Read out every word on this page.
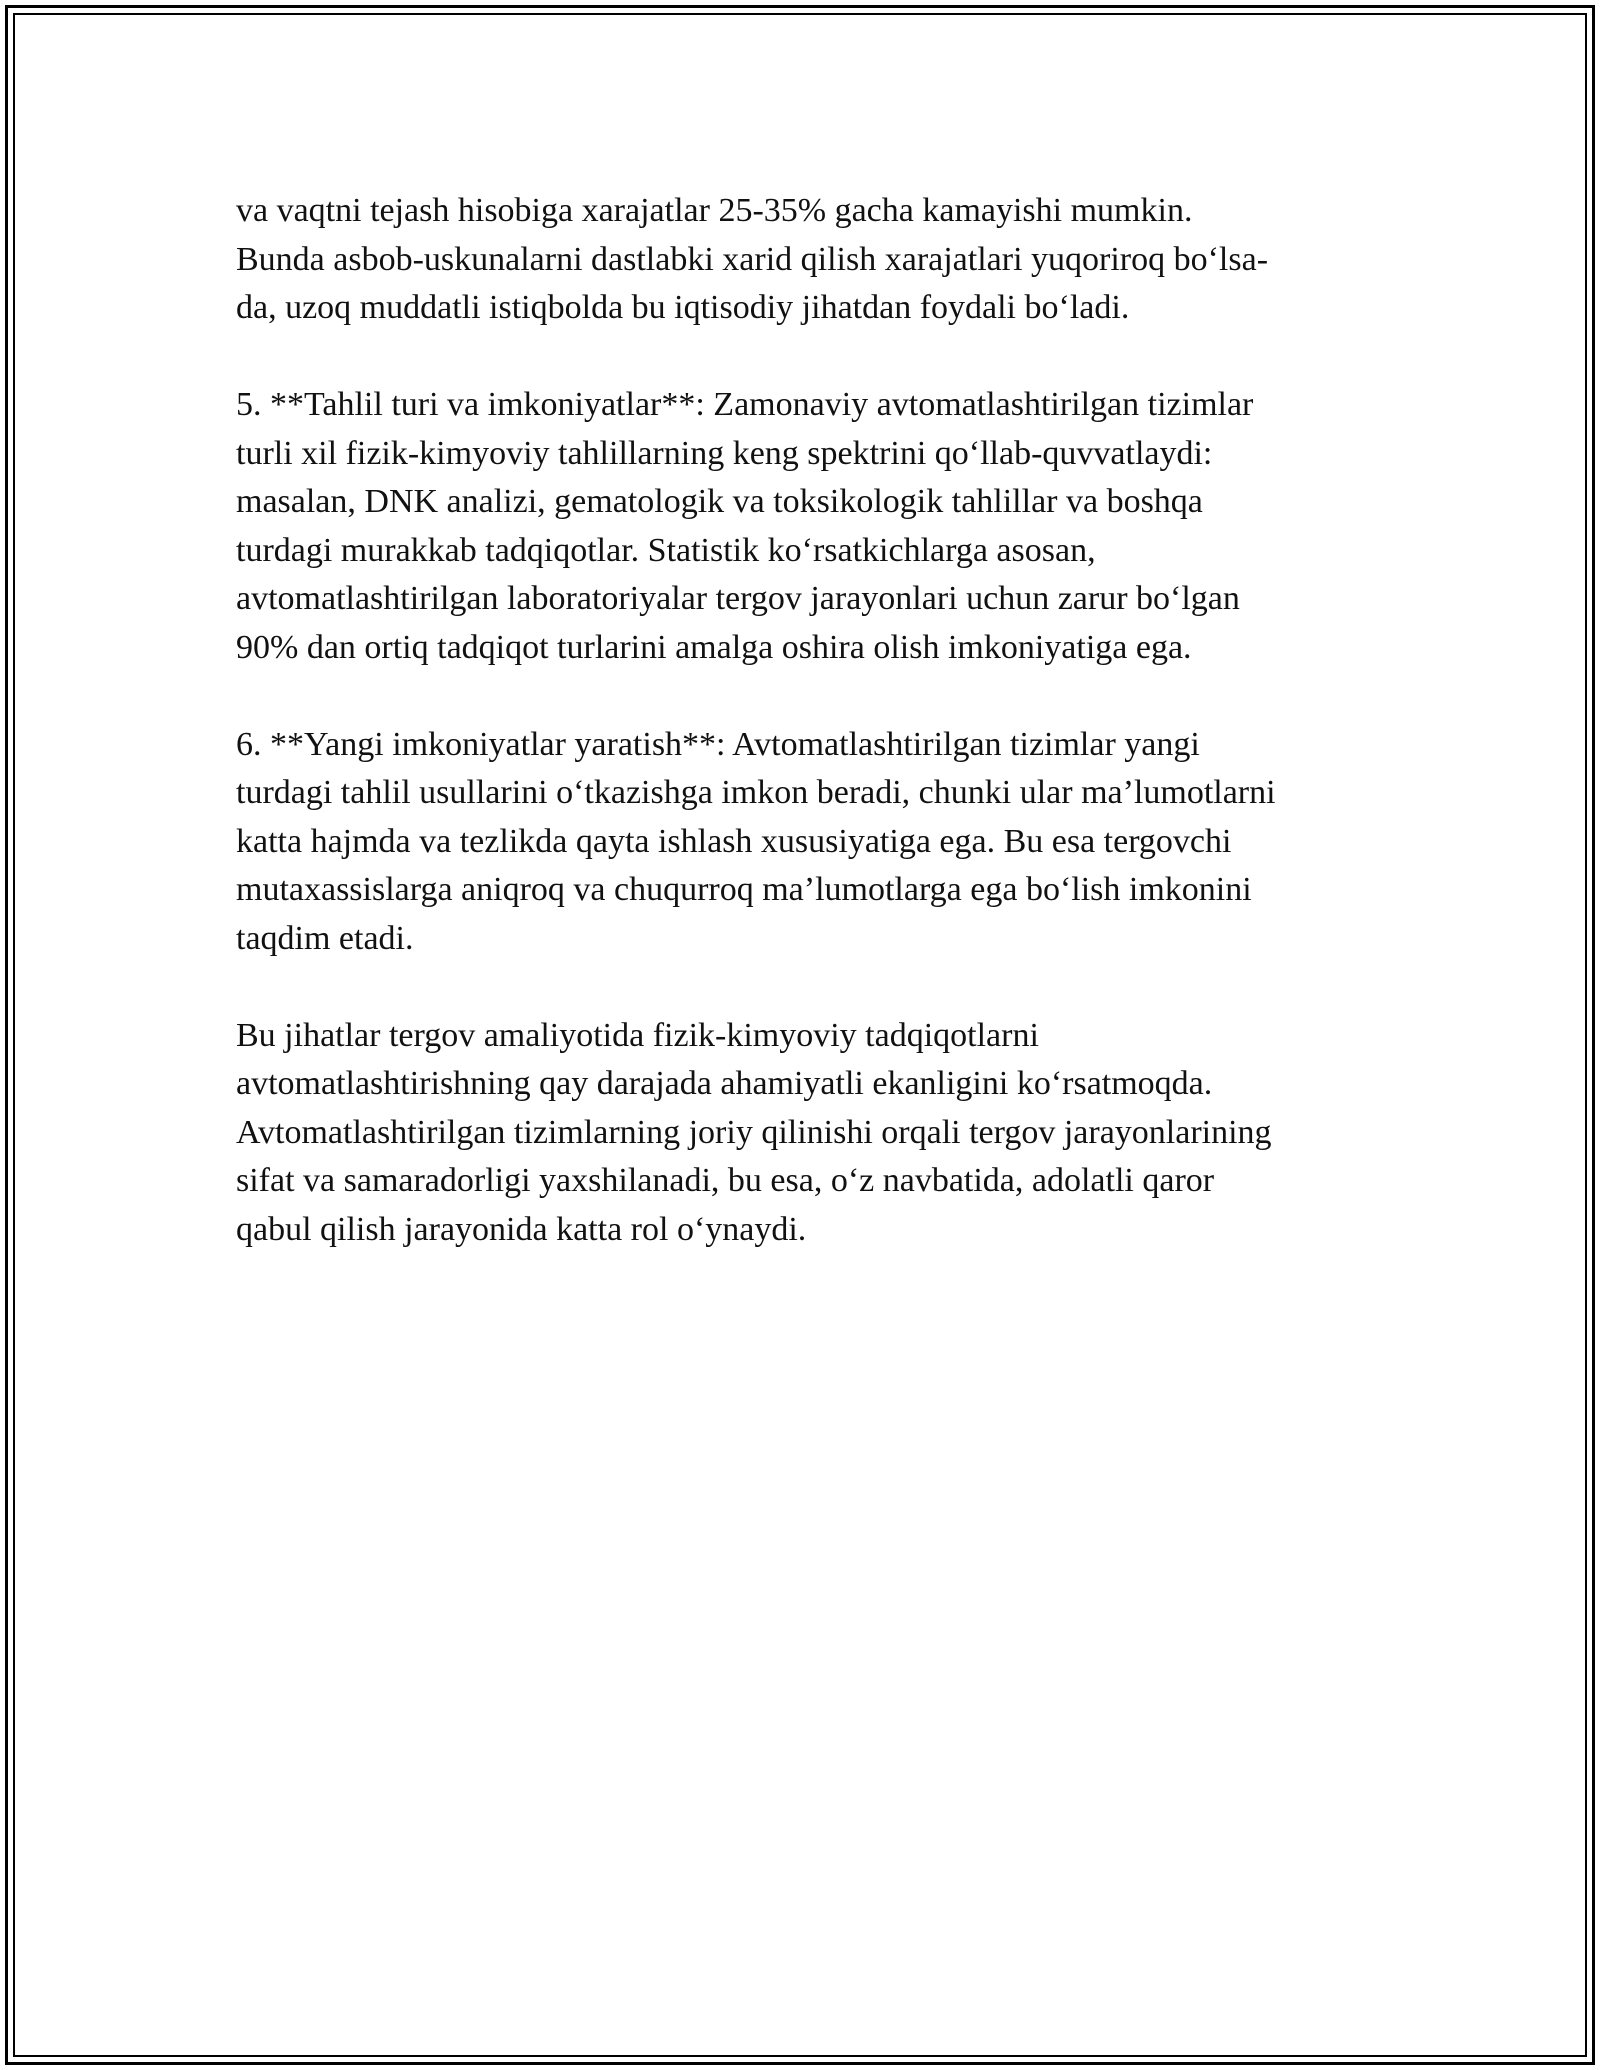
va vaqtni tejash hisobiga xarajatlar 25-35% gacha kamayishi mumkin.
Bunda asbob-uskunalarni dastlabki xarid qilish xarajatlari yuqoriroq bo‘lsa-
da, uzoq muddatli istiqbolda bu iqtisodiy jihatdan foydali bo‘ladi.

5. **Tahlil turi va imkoniyatlar**: Zamonaviy avtomatlashtirilgan tizimlar
turli xil fizik-kimyoviy tahlillarning keng spektrini qo‘llab-quvvatlaydi:
masalan, DNK analizi, gematologik va toksikologik tahlillar va boshqa
turdagi murakkab tadqiqotlar. Statistik ko‘rsatkichlarga asosan,
avtomatlashtirilgan laboratoriyalar tergov jarayonlari uchun zarur bo‘lgan
90% dan ortiq tadqiqot turlarini amalga oshira olish imkoniyatiga ega.

6. **Yangi imkoniyatlar yaratish**: Avtomatlashtirilgan tizimlar yangi
turdagi tahlil usullarini o‘tkazishga imkon beradi, chunki ular ma’lumotlarni
katta hajmda va tezlikda qayta ishlash xususiyatiga ega. Bu esa tergovchi
mutaxassislarga aniqroq va chuqurroq ma’lumotlarga ega bo‘lish imkonini
taqdim etadi.

Bu jihatlar tergov amaliyotida fizik-kimyoviy tadqiqotlarni
avtomatlashtirishning qay darajada ahamiyatli ekanligini ko‘rsatmoqda.
Avtomatlashtirilgan tizimlarning joriy qilinishi orqali tergov jarayonlarining
sifat va samaradorligi yaxshilanadi, bu esa, o‘z navbatida, adolatli qaror
qabul qilish jarayonida katta rol o‘ynaydi.
